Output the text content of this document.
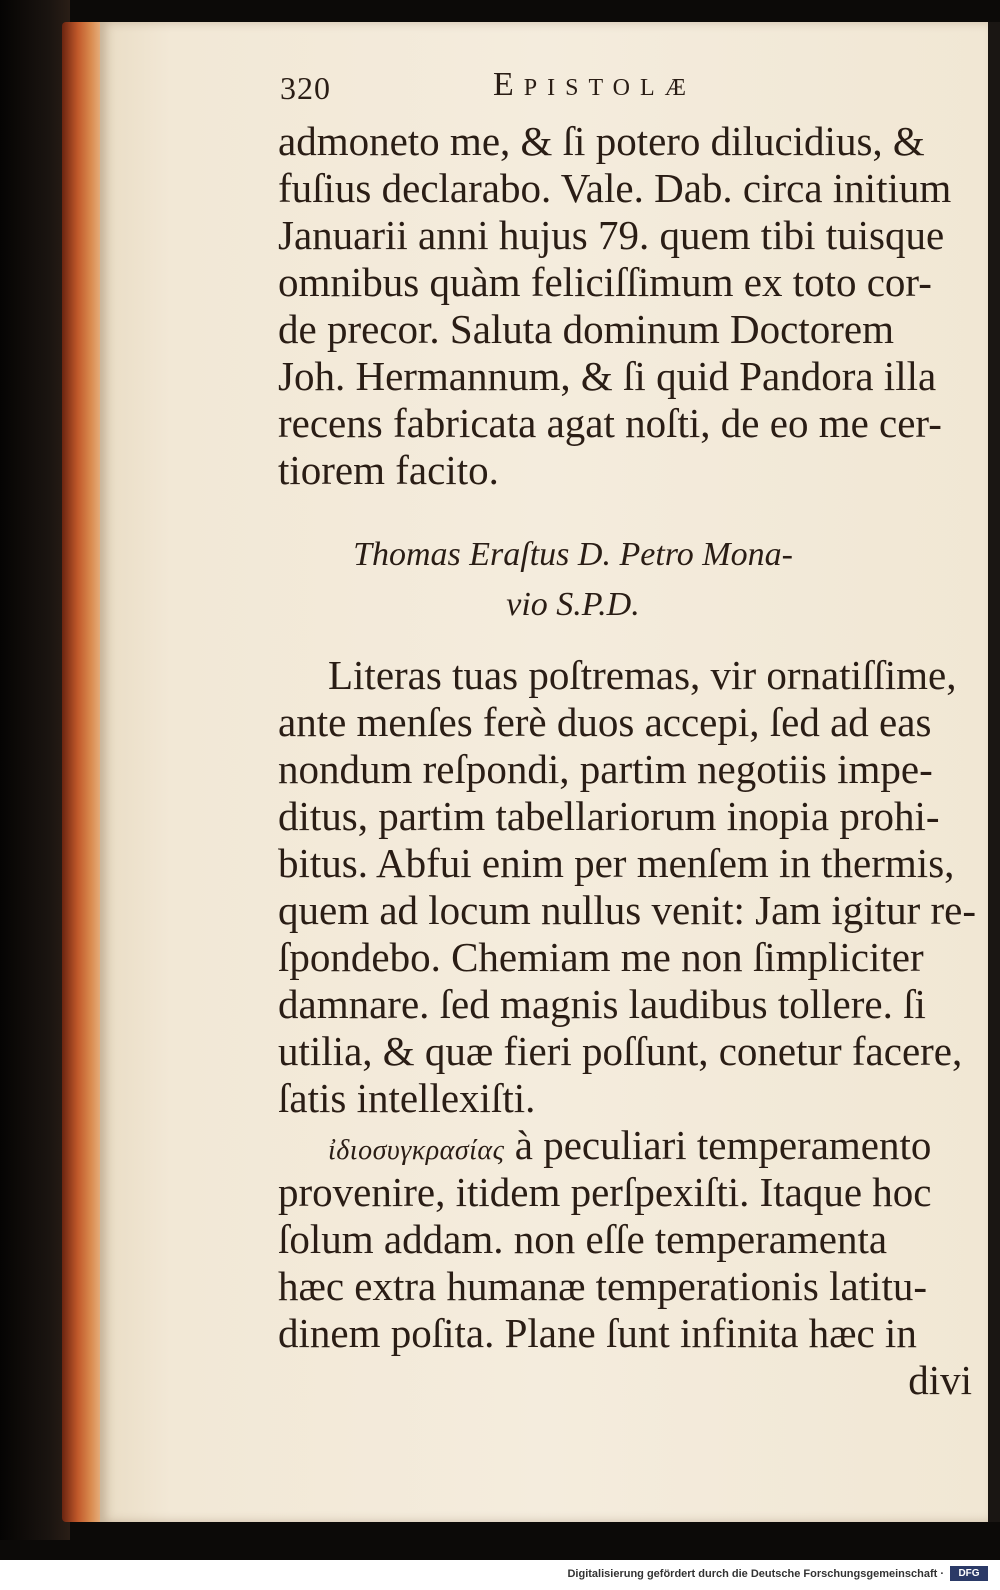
320	Epistolæ
admoneto me, & ſi potero dilucidius, &
fuſius declarabo. Vale. Dab. circa initium
Januarii anni hujus 79. quem tibi tuisque
omnibus quàm feliciſſimum ex toto cor-
de precor. Saluta dominum Doctorem
Joh. Hermannum, & ſi quid Pandora illa
recens fabricata agat noſti, de eo me cer-
tiorem facito.
Thomas Eraſtus D. Petro Mona-
vio S.P.D.
Literas tuas poſtremas, vir ornatiſſime,
ante menſes ferè duos accepi, ſed ad eas
nondum reſpondi, partim negotiis impe-
ditus, partim tabellariorum inopia prohi-
bitus. Abfui enim per menſem in thermis,
quem ad locum nullus venit: Jam igitur re-
ſpondebo. Chemiam me non ſimpliciter
damnare. ſed magnis laudibus tollere. ſi
utilia, & quæ fieri poſſunt, conetur facere,
ſatis intellexiſti.
ἰδιοσυγκρασίας à peculiari temperamento
provenire, itidem perſpexiſti. Itaque hoc
ſolum addam. non eſſe temperamenta
hæc extra humanæ temperationis latitu-
dinem poſita. Plane ſunt infinita hæc in
divi
Digitalisierung gefördert durch die Deutsche Forschungsgemeinschaft ·	DFG
